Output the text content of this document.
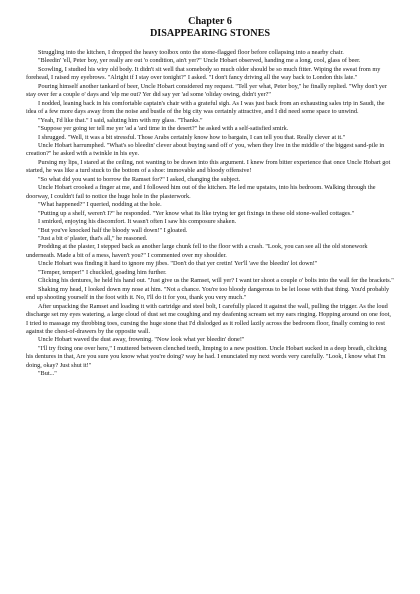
Chapter 6
DISAPPEARING STONES

Struggling into the kitchen, I dropped the heavy toolbox onto the stone-flagged floor before collapsing into a nearby chair.

"Bleedin' 'ell, Peter boy, yer really are out 'o condition, ain't yer?" Uncle Hobart observed, handing me a long, cool, glass of beer.

Scowling, I studied his wiry old body. It didn't sit well that somebody so much older should be so much fitter. Wiping the sweat from my forehead, I raised my eyebrows. "Alright if I stay over tonight?" I asked. "I don't fancy driving all the way back to London this late."

Pouring himself another tankard of beer, Uncle Hobart considered my request. "Tell yer what, Peter boy," he finally replied. "Why don't yer stay over fer a couple o' days and 'elp me out? Yer did say yer 'ad some 'oliday owing, didn't yer?"

I nodded, leaning back in his comfortable captain's chair with a grateful sigh. As I was just back from an exhausting sales trip in Saudi, the idea of a few more days away from the noise and bustle of the big city was certainly attractive, and I did need some space to unwind.

"Yeah, I'd like that." I said, saluting him with my glass. "Thanks."

"Suppose yer going ter tell me yer 'ad a 'ard time in the desert?" he asked with a self-satisfied smirk.

I shrugged. "Well, it was a bit stressful. Those Arabs certainly know how to bargain, I can tell you that. Really clever at it."

Uncle Hobart harrumphed. "What's so bleedin' clever about buying sand off o' you, when they live in the middle o' the biggest sand-pile in creation?" he asked with a twinkle in his eye.

Pursing my lips, I stared at the ceiling, not wanting to be drawn into this argument. I knew from bitter experience that once Uncle Hobart got started, he was like a turd stuck to the bottom of a shoe: immovable and bloody offensive!

"So what did you want to borrow the Ramset for?" I asked, changing the subject.

Uncle Hobart crooked a finger at me, and I followed him out of the kitchen. He led me upstairs, into his bedroom. Walking through the doorway, I couldn't fail to notice the huge hole in the plasterwork.

"What happened?" I queried, nodding at the hole.

"Putting up a shelf, weren't I?" he responded. "Yer know what its like trying ter get fixings in these old stone-walled cottages."

I smirked, enjoying his discomfort. It wasn't often I saw his composure shaken.

"But you've knocked half the bloody wall down!" I gloated.

"Just a bit o' plaster, that's all," he reasoned.

Prodding at the plaster, I stepped back as another large chunk fell to the floor with a crash. "Look, you can see all the old stonework underneath. Made a bit of a mess, haven't you?" I commented over my shoulder.

Uncle Hobart was finding it hard to ignore my jibes. "Don't do that yer cretin! Yer'll 'ave the bleedin' lot down!"

"Temper, temper!" I chuckled, goading him further.

Clicking his dentures, he held his hand out. "Just give us the Ramset, will yer? I want ter shoot a couple o' bolts into the wall fer the brackets."

Shaking my head, I looked down my nose at him. "Not a chance. You're too bloody dangerous to be let loose with that thing. You'd probably end up shooting yourself in the foot with it. No, I'll do it for you, thank you very much."

After unpacking the Ramset and loading it with cartridge and steel bolt, I carefully placed it against the wall, pulling the trigger. As the loud discharge set my eyes watering, a large cloud of dust set me coughing and my deafening scream set my ears ringing. Hopping around on one foot, I tried to massage my throbbing toes, cursing the huge stone that I'd dislodged as it rolled lazily across the bedroom floor, finally coming to rest against the chest-of-drawers by the opposite wall.

Uncle Hobart waved the dust away, frowning. "Now look what yer bleedin' done!"

"I'll try fixing one over here," I muttered between clenched teeth, limping to a new position. Uncle Hobart sucked in a deep breath, clicking his dentures in that, Are you sure you know what you're doing? way he had. I enunciated my next words very carefully. "Look, I know what I'm doing, okay? Just shut it!"

"But..."
